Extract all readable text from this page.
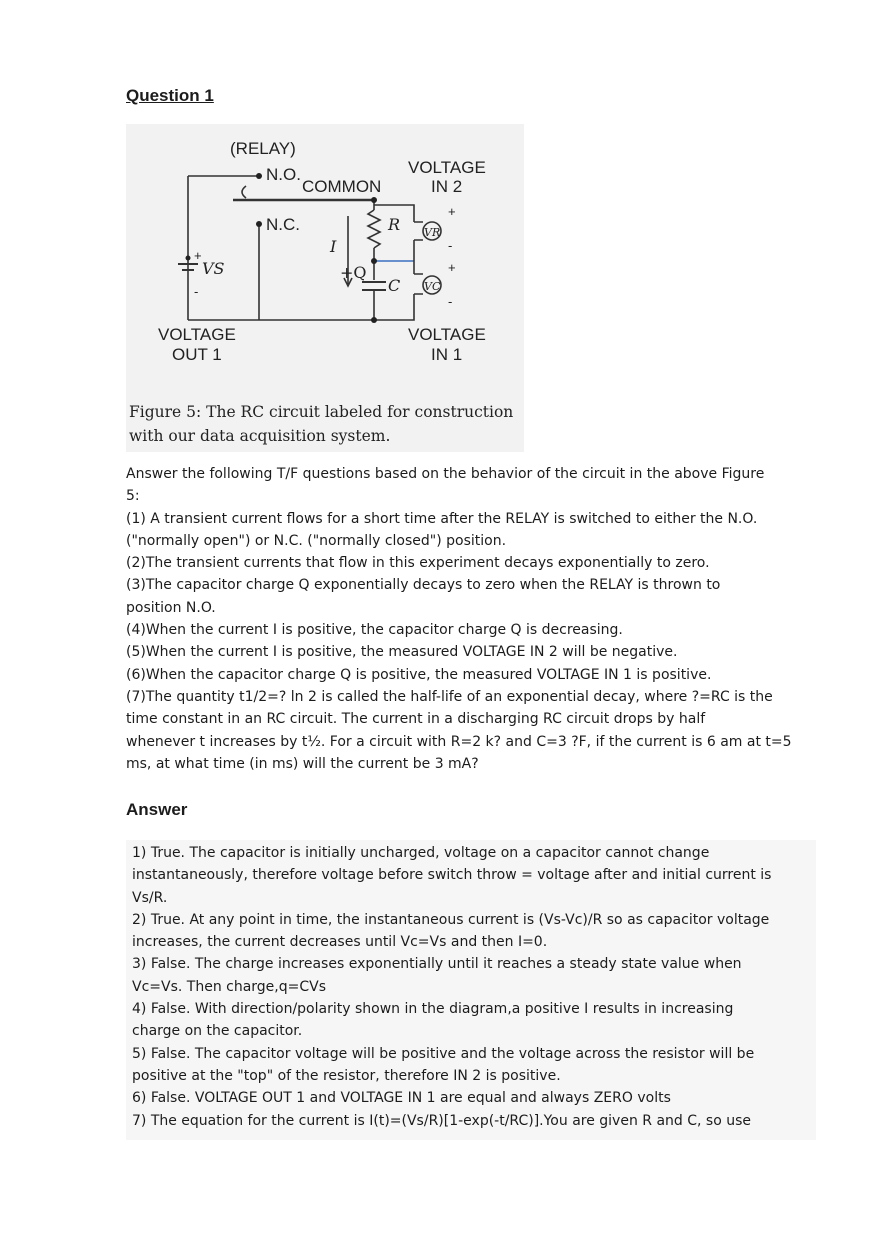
Question 1
(RELAY)
N.O.
COMMON
N.C.
VOLTAGE
IN 2
R VR
I
+Q
C VC
VS
+
-
+
-
+
-
VOLTAGE
OUT 1
VOLTAGE
IN 1
Figure 5: The RC circuit labeled for construction
with our data acquisition system.
Answer the following T/F questions based on the behavior of the circuit in the above Figure
5:
(1) A transient current flows for a short time after the RELAY is switched to either the N.O.
("normally open") or N.C. ("normally closed") position.
(2)The transient currents that flow in this experiment decays exponentially to zero.
(3)The capacitor charge Q exponentially decays to zero when the RELAY is thrown to
position N.O.
(4)When the current I is positive, the capacitor charge Q is decreasing.
(5)When the current I is positive, the measured VOLTAGE IN 2 will be negative.
(6)When the capacitor charge Q is positive, the measured VOLTAGE IN 1 is positive.
(7)The quantity t1/2=? ln 2 is called the half-life of an exponential decay, where ?=RC is the
time constant in an RC circuit. The current in a discharging RC circuit drops by half
whenever t increases by t½. For a circuit with R=2 k? and C=3 ?F, if the current is 6 am at t=5
ms, at what time (in ms) will the current be 3 mA?
Answer
1) True. The capacitor is initially uncharged, voltage on a capacitor cannot change
instantaneously, therefore voltage before switch throw = voltage after and initial current is
Vs/R.
2) True. At any point in time, the instantaneous current is (Vs-Vc)/R so as capacitor voltage
increases, the current decreases until Vc=Vs and then I=0.
3) False. The charge increases exponentially until it reaches a steady state value when
Vc=Vs. Then charge,q=CVs
4) False. With direction/polarity shown in the diagram,a positive I results in increasing
charge on the capacitor.
5) False. The capacitor voltage will be positive and the voltage across the resistor will be
positive at the "top" of the resistor, therefore IN 2 is positive.
6) False. VOLTAGE OUT 1 and VOLTAGE IN 1 are equal and always ZERO volts
7) The equation for the current is I(t)=(Vs/R)[1-exp(-t/RC)].You are given R and C, so use
